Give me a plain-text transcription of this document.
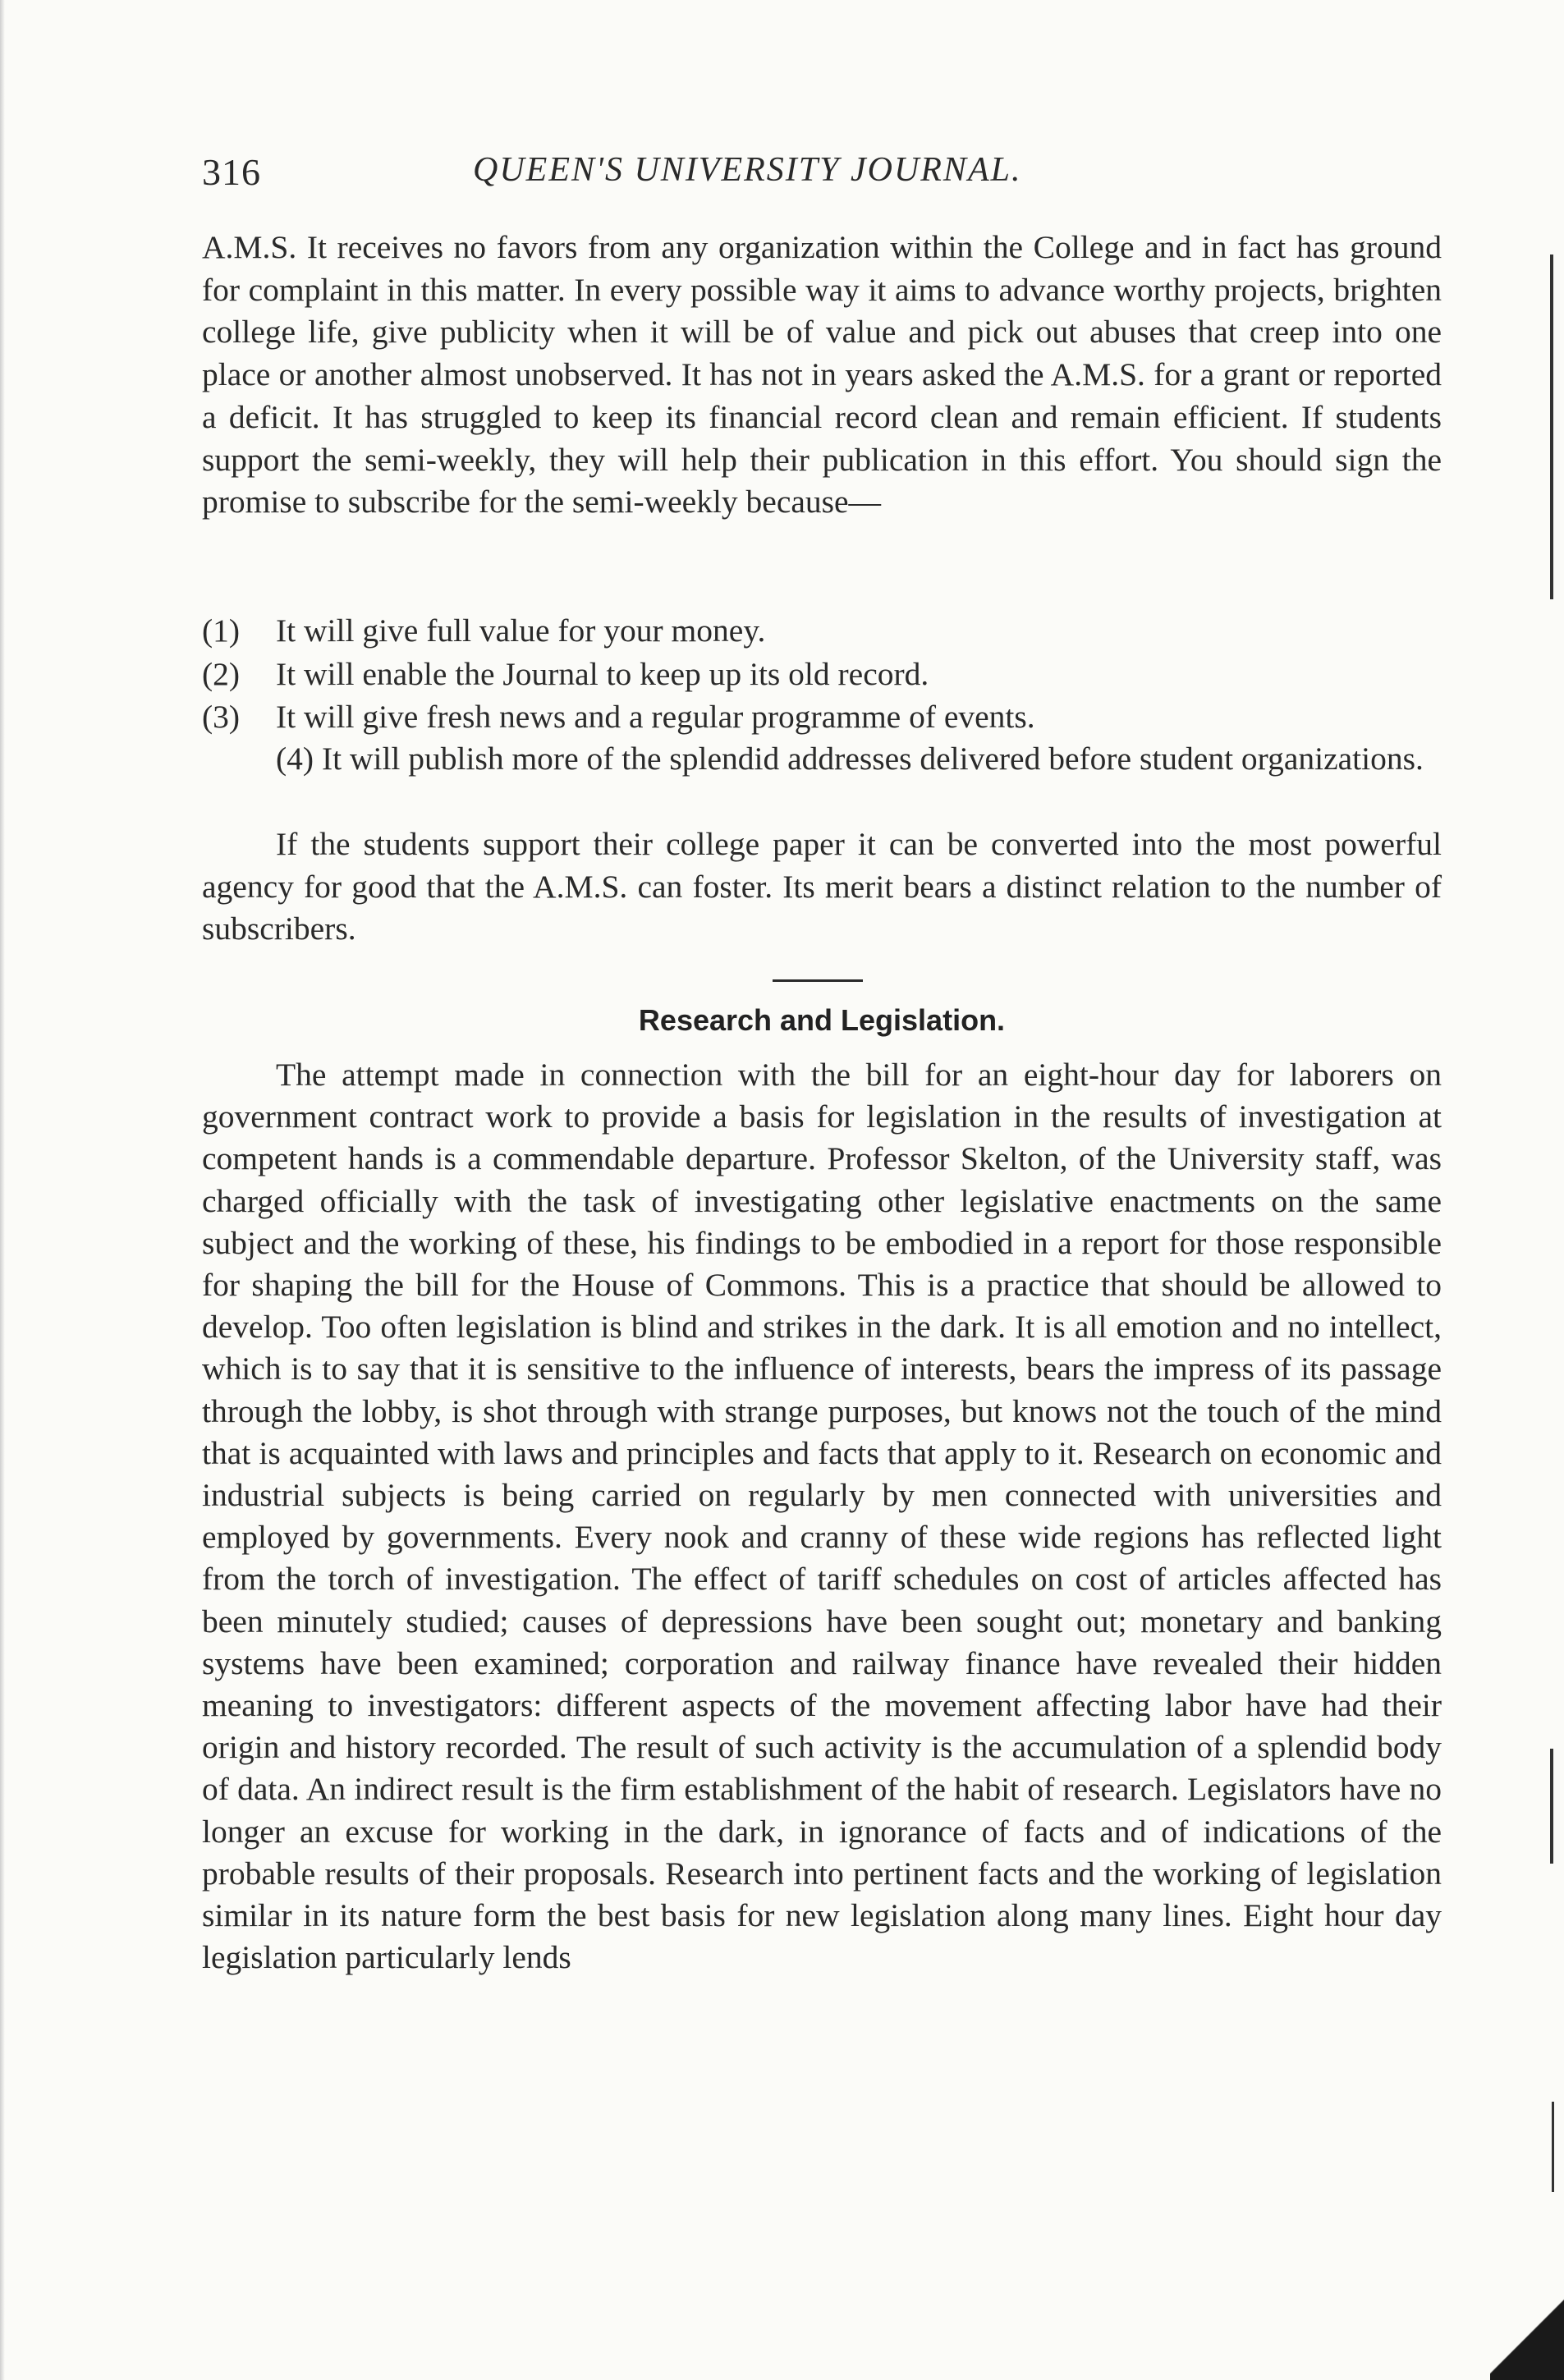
316	QUEEN'S UNIVERSITY JOURNAL.

A.M.S. It receives no favors from any organization within the College and in fact has ground for complaint in this matter. In every possible way it aims to advance worthy projects, brighten college life, give publicity when it will be of value and pick out abuses that creep into one place or another almost unobserved. It has not in years asked the A.M.S. for a grant or reported a deficit. It has struggled to keep its financial record clean and remain efficient. If students support the semi-weekly, they will help their publication in this effort. You should sign the promise to subscribe for the semi-weekly because—

(1) It will give full value for your money.
(2) It will enable the Journal to keep up its old record.
(3) It will give fresh news and a regular programme of events.
(4) It will publish more of the splendid addresses delivered before student organizations.

If the students support their college paper it can be converted into the most powerful agency for good that the A.M.S. can foster. Its merit bears a distinct relation to the number of subscribers.

Research and Legislation.

The attempt made in connection with the bill for an eight-hour day for laborers on government contract work to provide a basis for legislation in the results of investigation at competent hands is a commendable departure. Professor Skelton, of the University staff, was charged officially with the task of investigating other legislative enactments on the same subject and the working of these, his findings to be embodied in a report for those responsible for shaping the bill for the House of Commons. This is a practice that should be allowed to develop. Too often legislation is blind and strikes in the dark. It is all emotion and no intellect, which is to say that it is sensitive to the influence of interests, bears the impress of its passage through the lobby, is shot through with strange purposes, but knows not the touch of the mind that is acquainted with laws and principles and facts that apply to it. Research on economic and industrial subjects is being carried on regularly by men connected with universities and employed by governments. Every nook and cranny of these wide regions has reflected light from the torch of investigation. The effect of tariff schedules on cost of articles affected has been minutely studied; causes of depressions have been sought out; monetary and banking systems have been examined; corporation and railway finance have revealed their hidden meaning to investigators: different aspects of the movement affecting labor have had their origin and history recorded. The result of such activity is the accumulation of a splendid body of data. An indirect result is the firm establishment of the habit of research. Legislators have no longer an excuse for working in the dark, in ignorance of facts and of indications of the probable results of their proposals. Research into pertinent facts and the working of legislation similar in its nature form the best basis for new legislation along many lines. Eight hour day legislation particularly lends
